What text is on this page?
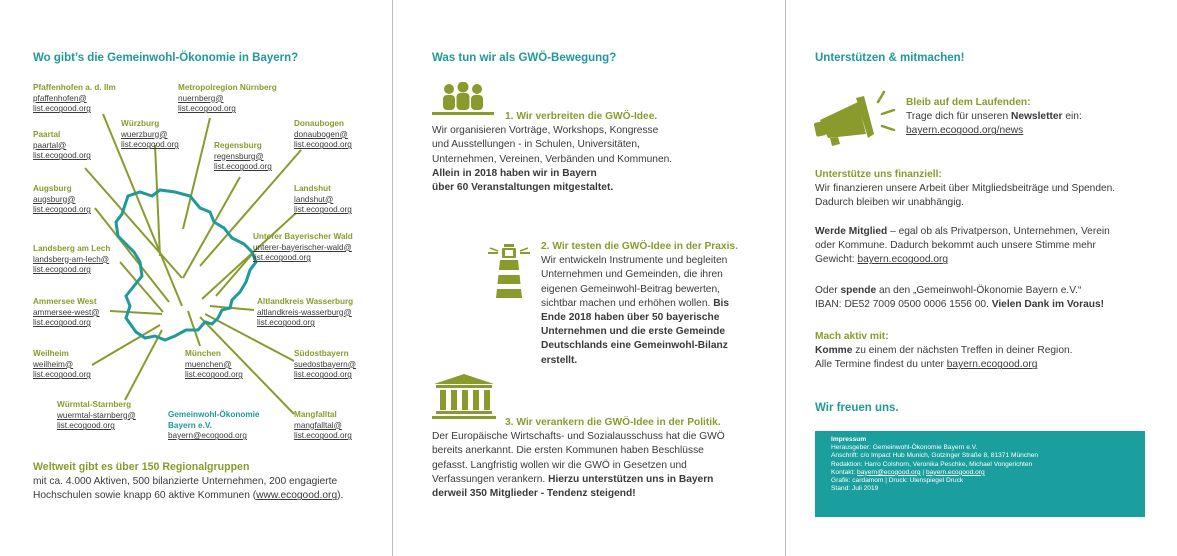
Wo gibt’s die Gemeinwohl-Ökonomie in Bayern?
Pfaffenhofen a. d. Ilm
pfaffenhofen@
list.ecogood.org
Metropolregion Nürnberg
nuernberg@
list.ecogood.org
Würzburg
wuerzburg@
list.ecogood.org
Donaubogen
donaubogen@
list.ecogood.org
Paartal
paartal@
list.ecogood.org
Regensburg
regensburg@
list.ecogood.org
Augsburg
augsburg@
list.ecogood.org
Landshut
landshut@
list.ecogood.org
Unterer Bayerischer Wald
unterer-bayerischer-wald@
list.ecogood.org
Landsberg am Lech
landsberg-am-lech@
list.ecogood.org
Ammersee West
ammersee-west@
list.ecogood.org
Altlandkreis Wasserburg
altlandkreis-wasserburg@
list.ecogood.org
München
muenchen@
list.ecogood.org
Weilheim
weilheim@
list.ecogood.org
Südostbayern
suedostbayern@
list.ecogood.org
Würmtal-Starnberg
wuermtal-starnberg@
list.ecogood.org
Mangfalltal
mangfalltal@
list.ecogood.org
Gemeinwohl-Ökonomie
Bayern e.V.
bayern@ecogood.org
Weltweit gibt es über 150 Regionalgruppen
mit ca. 4.000 Aktiven, 500 bilanzierte Unternehmen, 200 engagierte
Hochschulen sowie knapp 60 aktive Kommunen (www.ecogood.org).
Was tun wir als GWÖ-Bewegung?
1. Wir verbreiten die GWÖ-Idee.
Wir organisieren Vorträge, Workshops, Kongresse
und Ausstellungen - in Schulen, Universitäten,
Unternehmen, Vereinen, Verbänden und Kommunen.
Allein in 2018 haben wir in Bayern
über 60 Veranstaltungen mitgestaltet.
2. Wir testen die GWÖ-Idee in der Praxis.
Wir entwickeln Instrumente und begleiten
Unternehmen und Gemeinden, die ihren
eigenen Gemeinwohl-Beitrag bewerten,
sichtbar machen und erhöhen wollen. Bis
Ende 2018 haben über 50 bayerische
Unternehmen und die erste Gemeinde
Deutschlands eine Gemeinwohl-Bilanz
erstellt.
3. Wir verankern die GWÖ-Idee in der Politik.
Der Europäische Wirtschafts- und Sozialausschuss hat die GWÖ
bereits anerkannt. Die ersten Kommunen haben Beschlüsse
gefasst. Langfristig wollen wir die GWÖ in Gesetzen und
Verfassungen verankern. Hierzu unterstützen uns in Bayern
derweil 350 Mitglieder - Tendenz steigend!
Unterstützen & mitmachen!
Bleib auf dem Laufenden:
Trage dich für unseren Newsletter ein:
bayern.ecogood.org/news
Unterstütze uns finanziell:
Wir finanzieren unsere Arbeit über Mitgliedsbeiträge und Spenden.
Dadurch bleiben wir unabhängig.
Werde Mitglied – egal ob als Privatperson, Unternehmen, Verein
oder Kommune. Dadurch bekommt auch unsere Stimme mehr
Gewicht: bayern.ecogood.org
Oder spende an den „Gemeinwohl-Ökonomie Bayern e.V.“
IBAN: DE52 7009 0500 0006 1556 00. Vielen Dank im Voraus!
Mach aktiv mit:
Komme zu einem der nächsten Treffen in deiner Region.
Alle Termine findest du unter bayern.ecogood.org
Wir freuen uns.
Impressum
Herausgeber: Gemeinwohl-Ökonomie Bayern e.V.
Anschrift: c/o Impact Hub Munich, Gotzinger Straße 8, 81371 München
Redaktion: Harro Colshorn, Veronika Peschke, Michael Vongerichten
Kontakt: bayern@ecogood.org | bayern.ecogood.org
Grafik: cardamom | Druck: Ulenspiegel Druck
Stand: Juli 2019
